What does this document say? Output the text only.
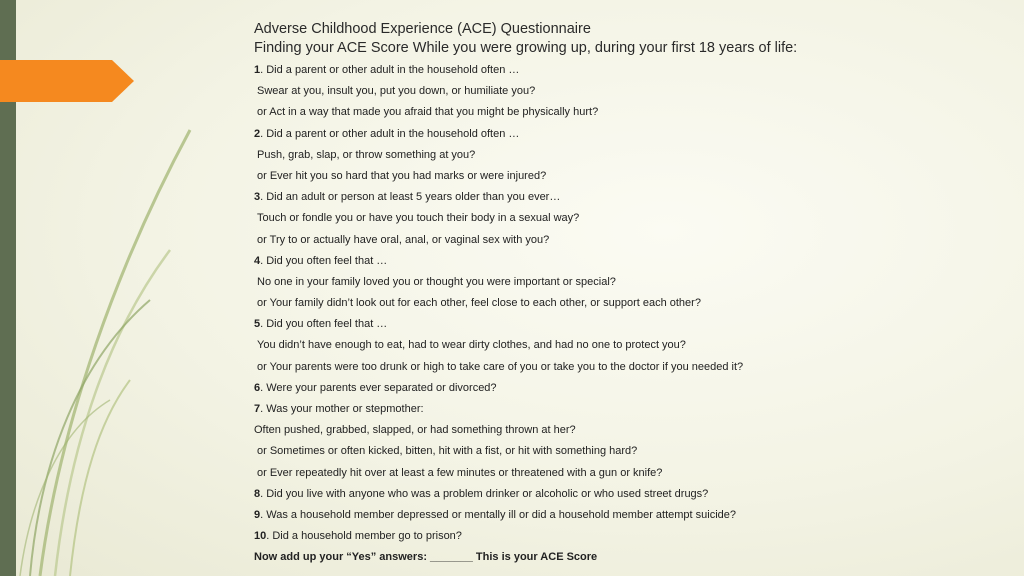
Adverse Childhood Experience (ACE) Questionnaire
Finding your ACE Score While you were growing up, during your first 18 years of life:
1. Did a parent or other adult in the household often …
Swear at you, insult you, put you down, or humiliate you?
or Act in a way that made you afraid that you might be physically hurt?
2. Did a parent or other adult in the household often …
Push, grab, slap, or throw something at you?
or Ever hit you so hard that you had marks or were injured?
3. Did an adult or person at least 5 years older than you ever…
Touch or fondle you or have you touch their body in a sexual way?
or Try to or actually have oral, anal, or vaginal sex with you?
4. Did you often feel that …
No one in your family loved you or thought you were important or special?
or Your family didn’t look out for each other, feel close to each other, or support each other?
5. Did you often feel that …
You didn’t have enough to eat, had to wear dirty clothes, and had no one to protect you?
or Your parents were too drunk or high to take care of you or take you to the doctor if you needed it?
6. Were your parents ever separated or divorced?
7. Was your mother or stepmother:
Often pushed, grabbed, slapped, or had something thrown at her?
or Sometimes or often kicked, bitten, hit with a fist, or hit with something hard?
or Ever repeatedly hit over at least a few minutes or threatened with a gun or knife?
8. Did you live with anyone who was a problem drinker or alcoholic or who used street drugs?
9. Was a household member depressed or mentally ill or did a household member attempt suicide?
10. Did a household member go to prison?
Now add up your “Yes” answers: _______ This is your ACE Score
